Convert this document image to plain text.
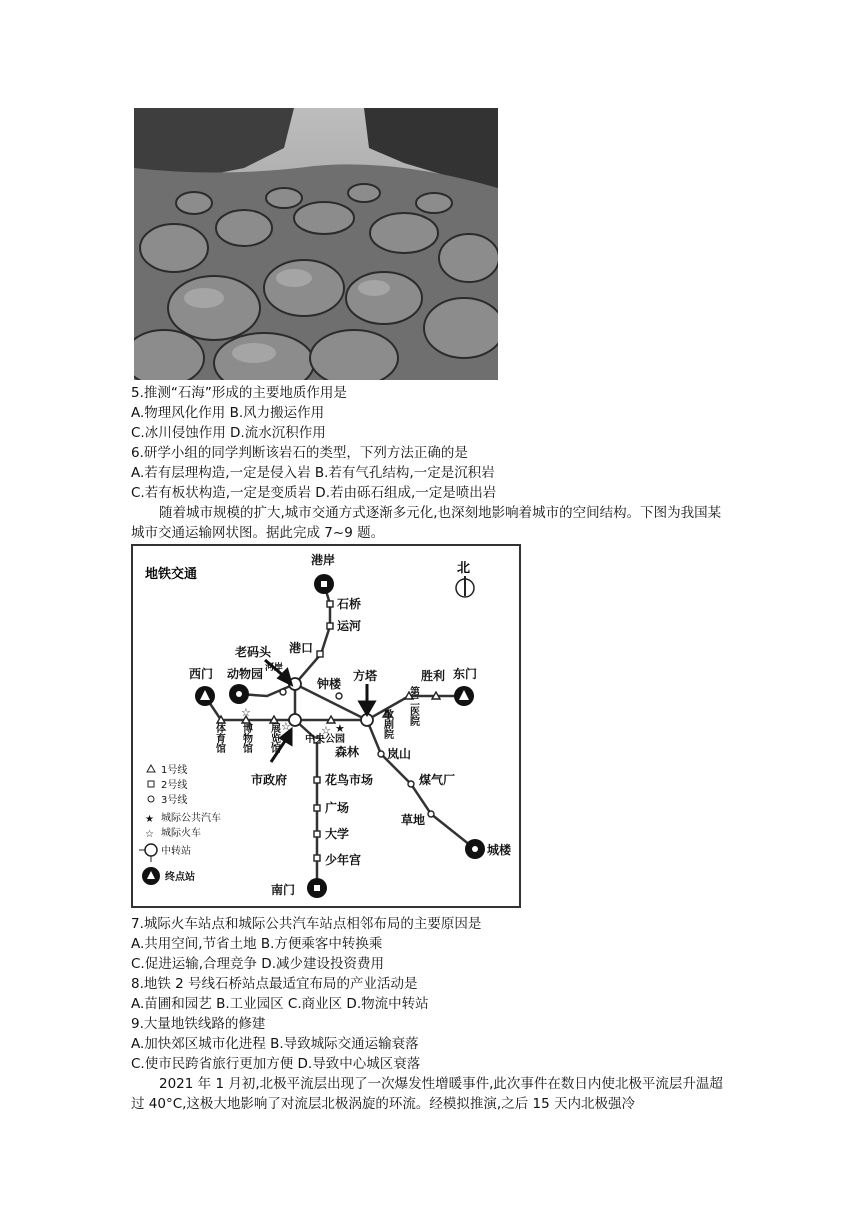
5.推测“石海”形成的主要地质作用是
A.物理风化作用 B.风力搬运作用
C.冰川侵蚀作用 D.流水沉积作用
6.研学小组的同学判断该岩石的类型，下列方法正确的是
A.若有层理构造,一定是侵入岩 B.若有气孔结构,一定是沉积岩
C.若有板状构造,一定是变质岩 D.若由砾石组成,一定是喷出岩
随着城市规模的扩大,城市交通方式逐渐多元化,也深刻地影响着城市的空间结构。下图为我国某城市交通运输网状图。据此完成 7~9 题。
地铁交通	北
☆
☆	☆ ★
港岸
石桥
运河
港口
老码头
西门 动物园
钟楼
方塔	胜利 东门
河岸
岚山
煤气厂
草地
城楼
市政府	花鸟市场
广场
大学
少年宫
南门
中央公园
森林
体育馆 博物馆 展览馆	歌剧院 第二医院
1号线
2号线
3号线
★ 城际公共汽车
☆ 城际火车
中转站
终点站
7.城际火车站点和城际公共汽车站点相邻布局的主要原因是
A.共用空间,节省土地 B.方便乘客中转换乘
C.促进运输,合理竞争 D.减少建设投资费用
8.地铁 2 号线石桥站点最适宜布局的产业活动是
A.苗圃和园艺 B.工业园区 C.商业区 D.物流中转站
9.大量地铁线路的修建
A.加快郊区城市化进程 B.导致城际交通运输衰落
C.使市民跨省旅行更加方便 D.导致中心城区衰落
2021 年 1 月初,北极平流层出现了一次爆发性增暖事件,此次事件在数日内使北极平流层升温超过 40°C,这极大地影响了对流层北极涡旋的环流。经模拟推演,之后 15 天内北极强冷
